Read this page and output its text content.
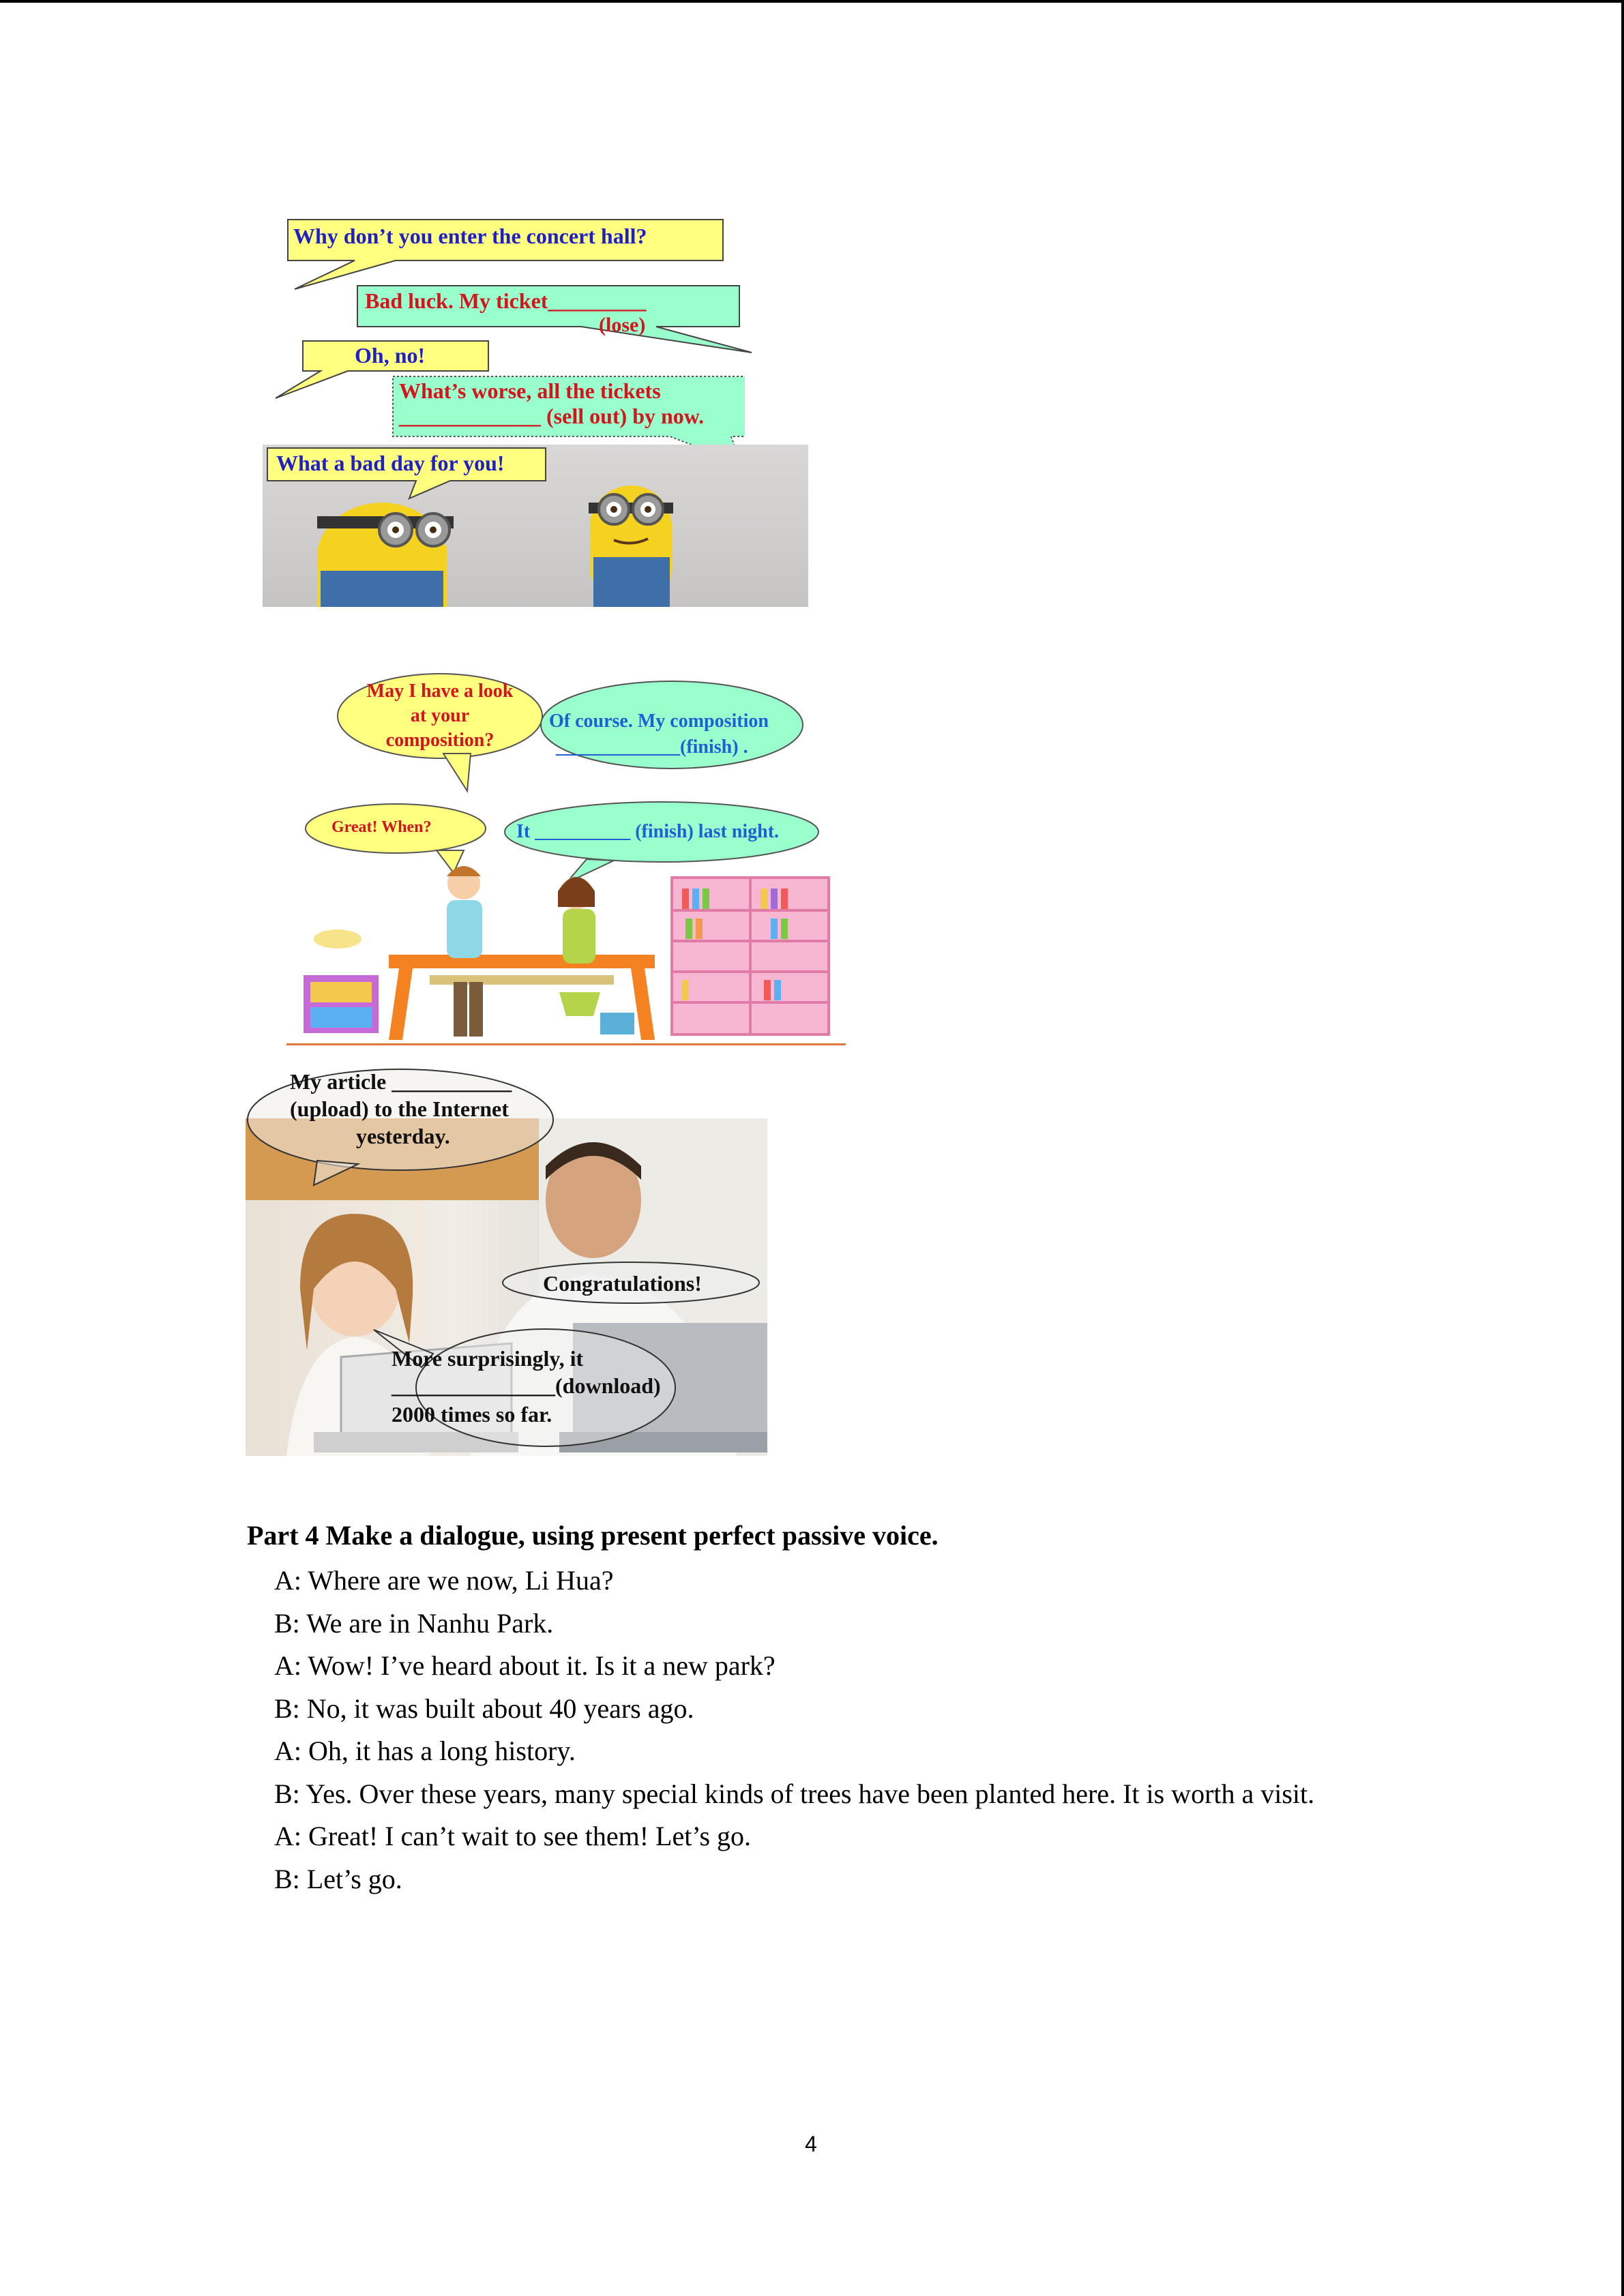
Why don’t you enter the concert hall?
Bad luck. My ticket_________
(lose)
Oh, no!
What’s worse, all the tickets
_____________ (sell out) by now.
What a bad day for you!
May I have a look
at your
composition?
Of course. My composition
_____________(finish) .
Great! When?	It __________ (finish) last night.
My article ___________
(upload) to the Internet
yesterday.
Congratulations!
More surprisingly, it
_______________(download)
2000 times so far.
Part 4 Make a dialogue, using present perfect passive voice.
A: Where are we now, Li Hua?
B: We are in Nanhu Park.
A: Wow! I’ve heard about it. Is it a new park?
B: No, it was built about 40 years ago.
A: Oh, it has a long history.
B: Yes. Over these years, many special kinds of trees have been planted here. It is worth a visit.
A: Great! I can’t wait to see them! Let’s go.
B: Let’s go.
4
